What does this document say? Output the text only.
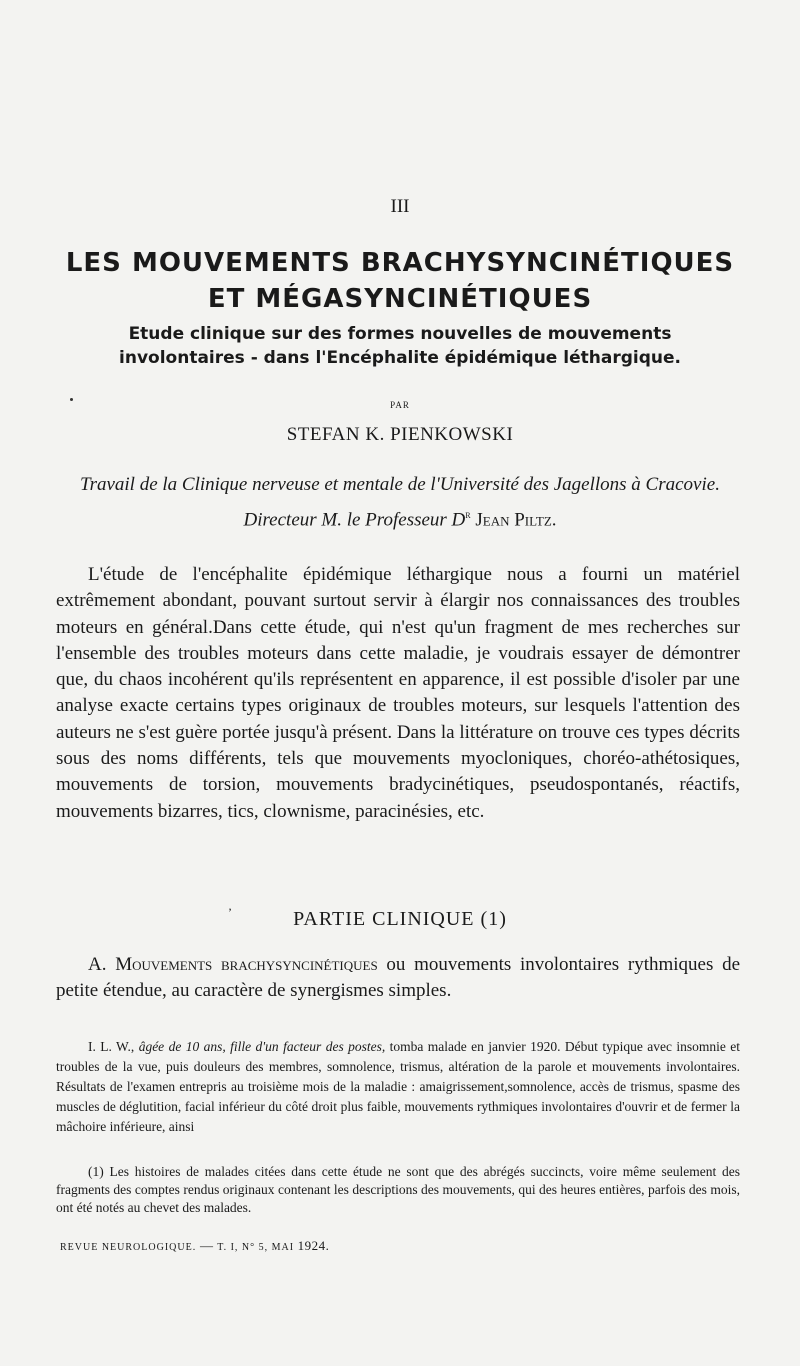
III
LES MOUVEMENTS BRACHYSYNCINÉTIQUES
ET MÉGASYNCINÉTIQUES
Etude clinique sur des formes nouvelles de mouvements involontaires - dans l'Encéphalite épidémique léthargique.
PAR
STEFAN K. PIENKOWSKI
Travail de la Clinique nerveuse et mentale de l'Université des Jagellons à Cracovie. Directeur M. le Professeur $D^r$ Jean Piltz.

L'étude de l'encéphalite épidémique léthargique nous a fourni un matériel extrêmement abondant, pouvant surtout servir à élargir nos connaissances des troubles moteurs en général.Dans cette étude, qui n'est qu'un fragment de mes recherches sur l'ensemble des troubles moteurs dans cette maladie, je voudrais essayer de démontrer que, du chaos incohérent qu'ils représentent en apparence, il est possible d'isoler par une analyse exacte certains types originaux de troubles moteurs, sur lesquels l'attention des auteurs ne s'est guère portée jusqu'à présent. Dans la littérature on trouve ces types décrits sous des noms différents, tels que mouvements myocloniques, choréo-athétosiques, mouvements de torsion, mouvements bradycinétiques, pseudospontanés, réactifs, mouvements bizarres, tics, clownisme, paracinésies, etc.

’	PARTIE CLINIQUE (1)

A. Mouvements brachysyncinétiques ou mouvements involontaires rythmiques de petite étendue, au caractère de synergismes simples.

I. L. W., âgée de 10 ans, fille d'un facteur des postes, tomba malade en janvier 1920. Début typique avec insomnie et troubles de la vue, puis douleurs des membres, somnolence, trismus, altération de la parole et mouvements involontaires. Résultats de l'examen entrepris au troisième mois de la maladie : amaigrissement,somnolence, accès de trismus, spasme des muscles de déglutition, facial inférieur du côté droit plus faible, mouvements rythmiques involontaires d'ouvrir et de fermer la mâchoire inférieure, ainsi

(1) Les histoires de malades citées dans cette étude ne sont que des abrégés succincts, voire même seulement des fragments des comptes rendus originaux contenant les descriptions des mouvements, qui des heures entières, parfois des mois, ont été notés au chevet des malades.

REVUE NEUROLOGIQUE. — T. I, N° 5, MAI 1924.
